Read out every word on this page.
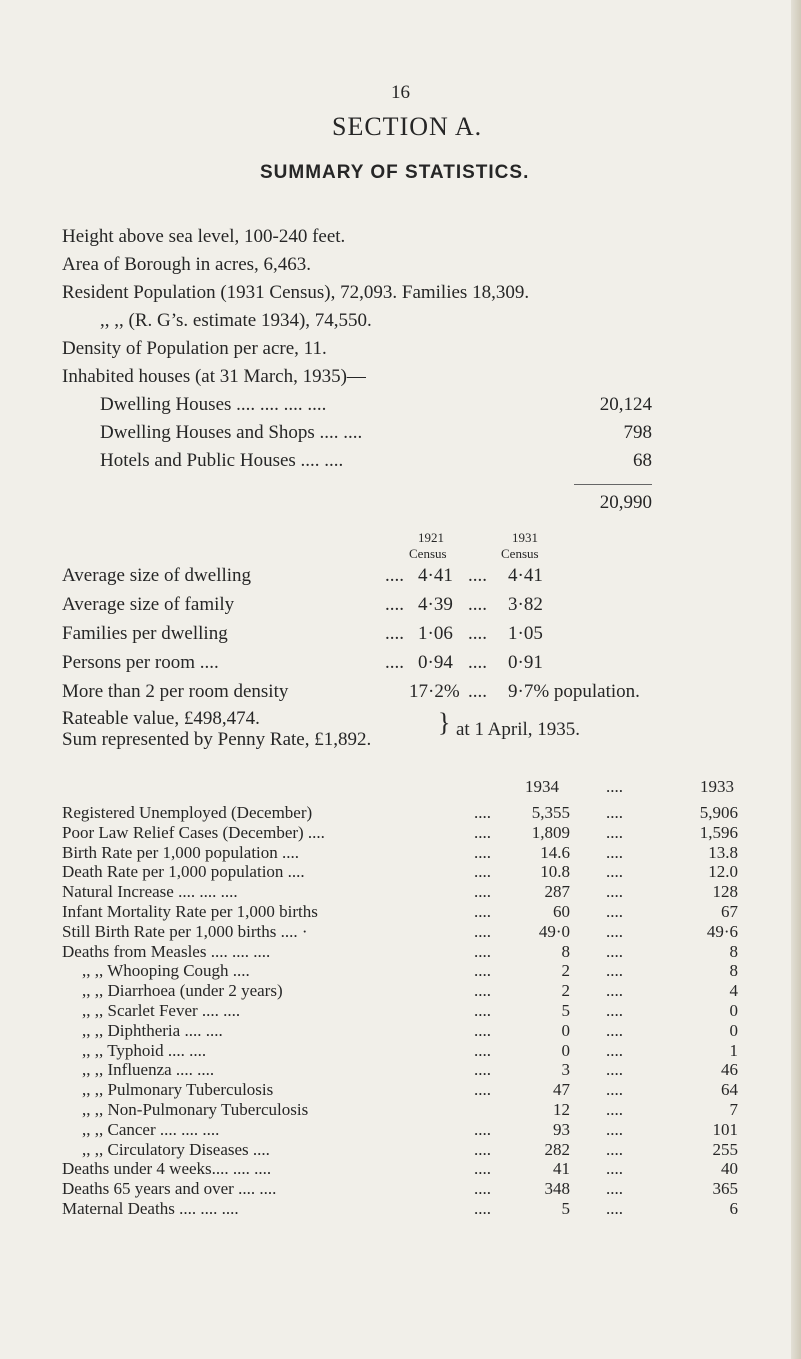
16
SECTION A.
SUMMARY OF STATISTICS.
Height above sea level, 100-240 feet.
Area of Borough in acres, 6,463.
Resident Population (1931 Census), 72,093. Families 18,309.
,, ,, (R. G’s. estimate 1934), 74,550.
Density of Population per acre, 11.
Inhabited houses (at 31 March, 1935)—
Dwelling Houses .... .... .... ....	20,124
Dwelling Houses and Shops .... ....	798
Hotels and Public Houses .... ....	68
20,990
1921
Census
1931
Census
Average size of dwelling	.... 4·41 .... 4·41
Average size of family	.... 4·39 .... 3·82
Families per dwelling	.... 1·06 .... 1·05
Persons per room ....	.... 0·94 .... 0·91
More than 2 per room density	17·2% .... 9·7% population.
Rateable value, £498,474.
Sum represented by Penny Rate, £1,892.
} at 1 April, 1935.
1934	....	1933
Registered Unemployed (December)	....	5,355 ....	5,906
Poor Law Relief Cases (December) ....	....	1,809 ....	1,596
Birth Rate per 1,000 population ....	....	14.6 ....	13.8
Death Rate per 1,000 population ....	....	10.8 ....	12.0
Natural Increase .... .... ....	....	287 ....	128
Infant Mortality Rate per 1,000 births	....	60 ....	67
Still Birth Rate per 1,000 births .... ·	....	49·0 ....	49·6
Deaths from Measles .... .... ....	....	8 ....	8
,, ,, Whooping Cough ....	....	2 ....	8
,, ,, Diarrhoea (under 2 years)	....	2 ....	4
,, ,, Scarlet Fever .... ....	....	5 ....	0
,, ,, Diphtheria .... ....	....	0 ....	0
,, ,, Typhoid .... ....	....	0 ....	1
,, ,, Influenza .... ....	....	3 ....	46
,, ,, Pulmonary Tuberculosis	....	47 ....	64
,, ,, Non-Pulmonary Tuberculosis	12 ....	7
,, ,, Cancer .... .... ....	....	93 ....	101
,, ,, Circulatory Diseases ....	....	282 ....	255
Deaths under 4 weeks.... .... ....	....	41 ....	40
Deaths 65 years and over .... ....	....	348 ....	365
Maternal Deaths .... .... ....	....	5 ....	6
